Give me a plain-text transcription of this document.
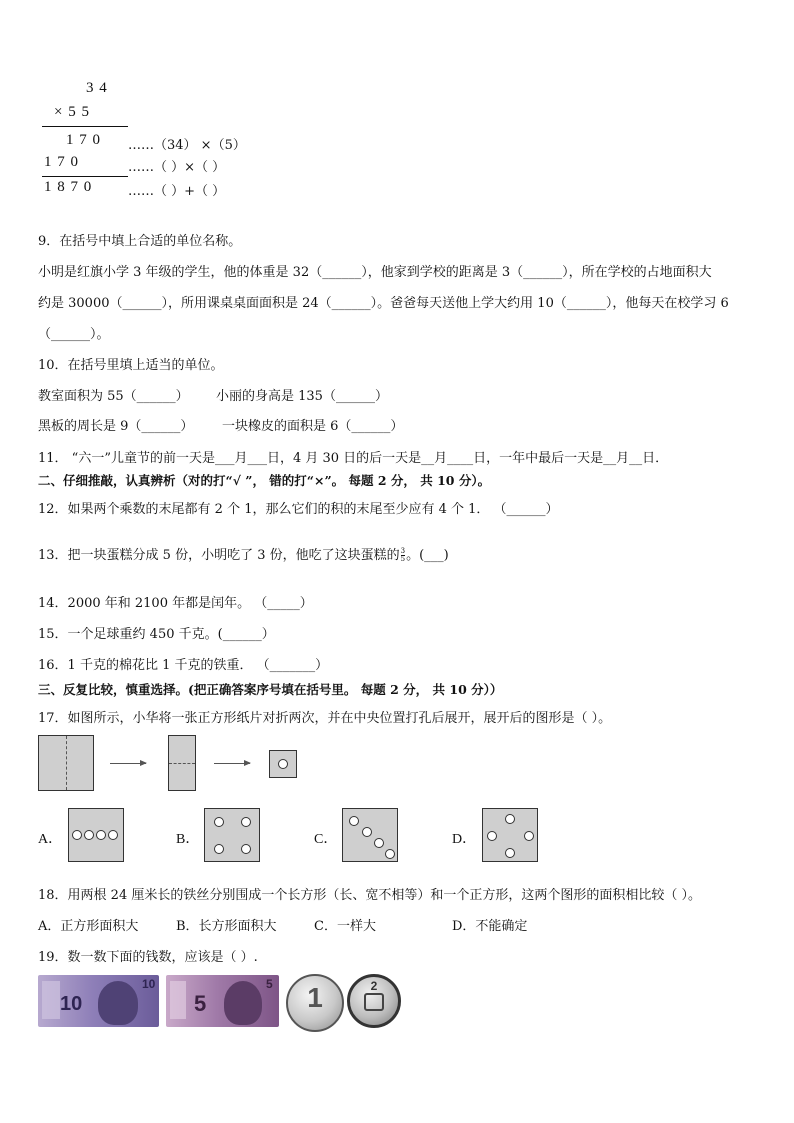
3 4
× 5 5
1 7 0 ……（34） ×（5）
1 7 0	……（ ）×（ ）
1 8 7 0	……（ ）+（ ）
9．在括号中填上合适的单位名称。
小明是红旗小学 3 年级的学生，他的体重是 32（______），他家到学校的距离是 3（______），所在学校的占地面积大
约是 30000（______），所用课桌桌面面积是 24（______）。爸爸每天送他上学大约用 10（______），他每天在校学习 6
（______）。
10．在括号里填上适当的单位。
教室面积为 55（______） 小丽的身高是 135（______）
黑板的周长是 9（______） 一块橡皮的面积是 6（______）
11． “六一”儿童节的前一天是___月___日，4 月 30 日的后一天是__月____日，一年中最后一天是__月__日．
二、仔细推敲，认真辨析（对的打“√ ”， 错的打“×”。 每题 2 分， 共 10 分）。
12．如果两个乘数的末尾都有 2 个 1，那么它们的积的末尾至少应有 4 个 1． （______）
13．把一块蛋糕分成 5 份，小明吃了 3 份，他吃了这块蛋糕的 $\frac{3}{5}$ 。(___)
14．2000 年和 2100 年都是闰年。 （_____）
15．一个足球重约 450 千克。(______）
16．1 千克的棉花比 1 千克的铁重． （_______）
三、反复比较，慎重选择。(把正确答案序号填在括号里。 每题 2 分， 共 10 分））
17．如图所示，小华将一张正方形纸片对折两次，并在中央位置打孔后展开，展开后的图形是（ ）。
A．	B．	C．	D．
18．用两根 24 厘米长的铁丝分别围成一个长方形（长、宽不相等）和一个正方形，这两个图形的面积相比较（ ）。
A．正方形面积大	B．长方形面积大	C．一样大	D．不能确定
19．数一数下面的钱数，应该是（ ）.
10
10
5
5	1	2
